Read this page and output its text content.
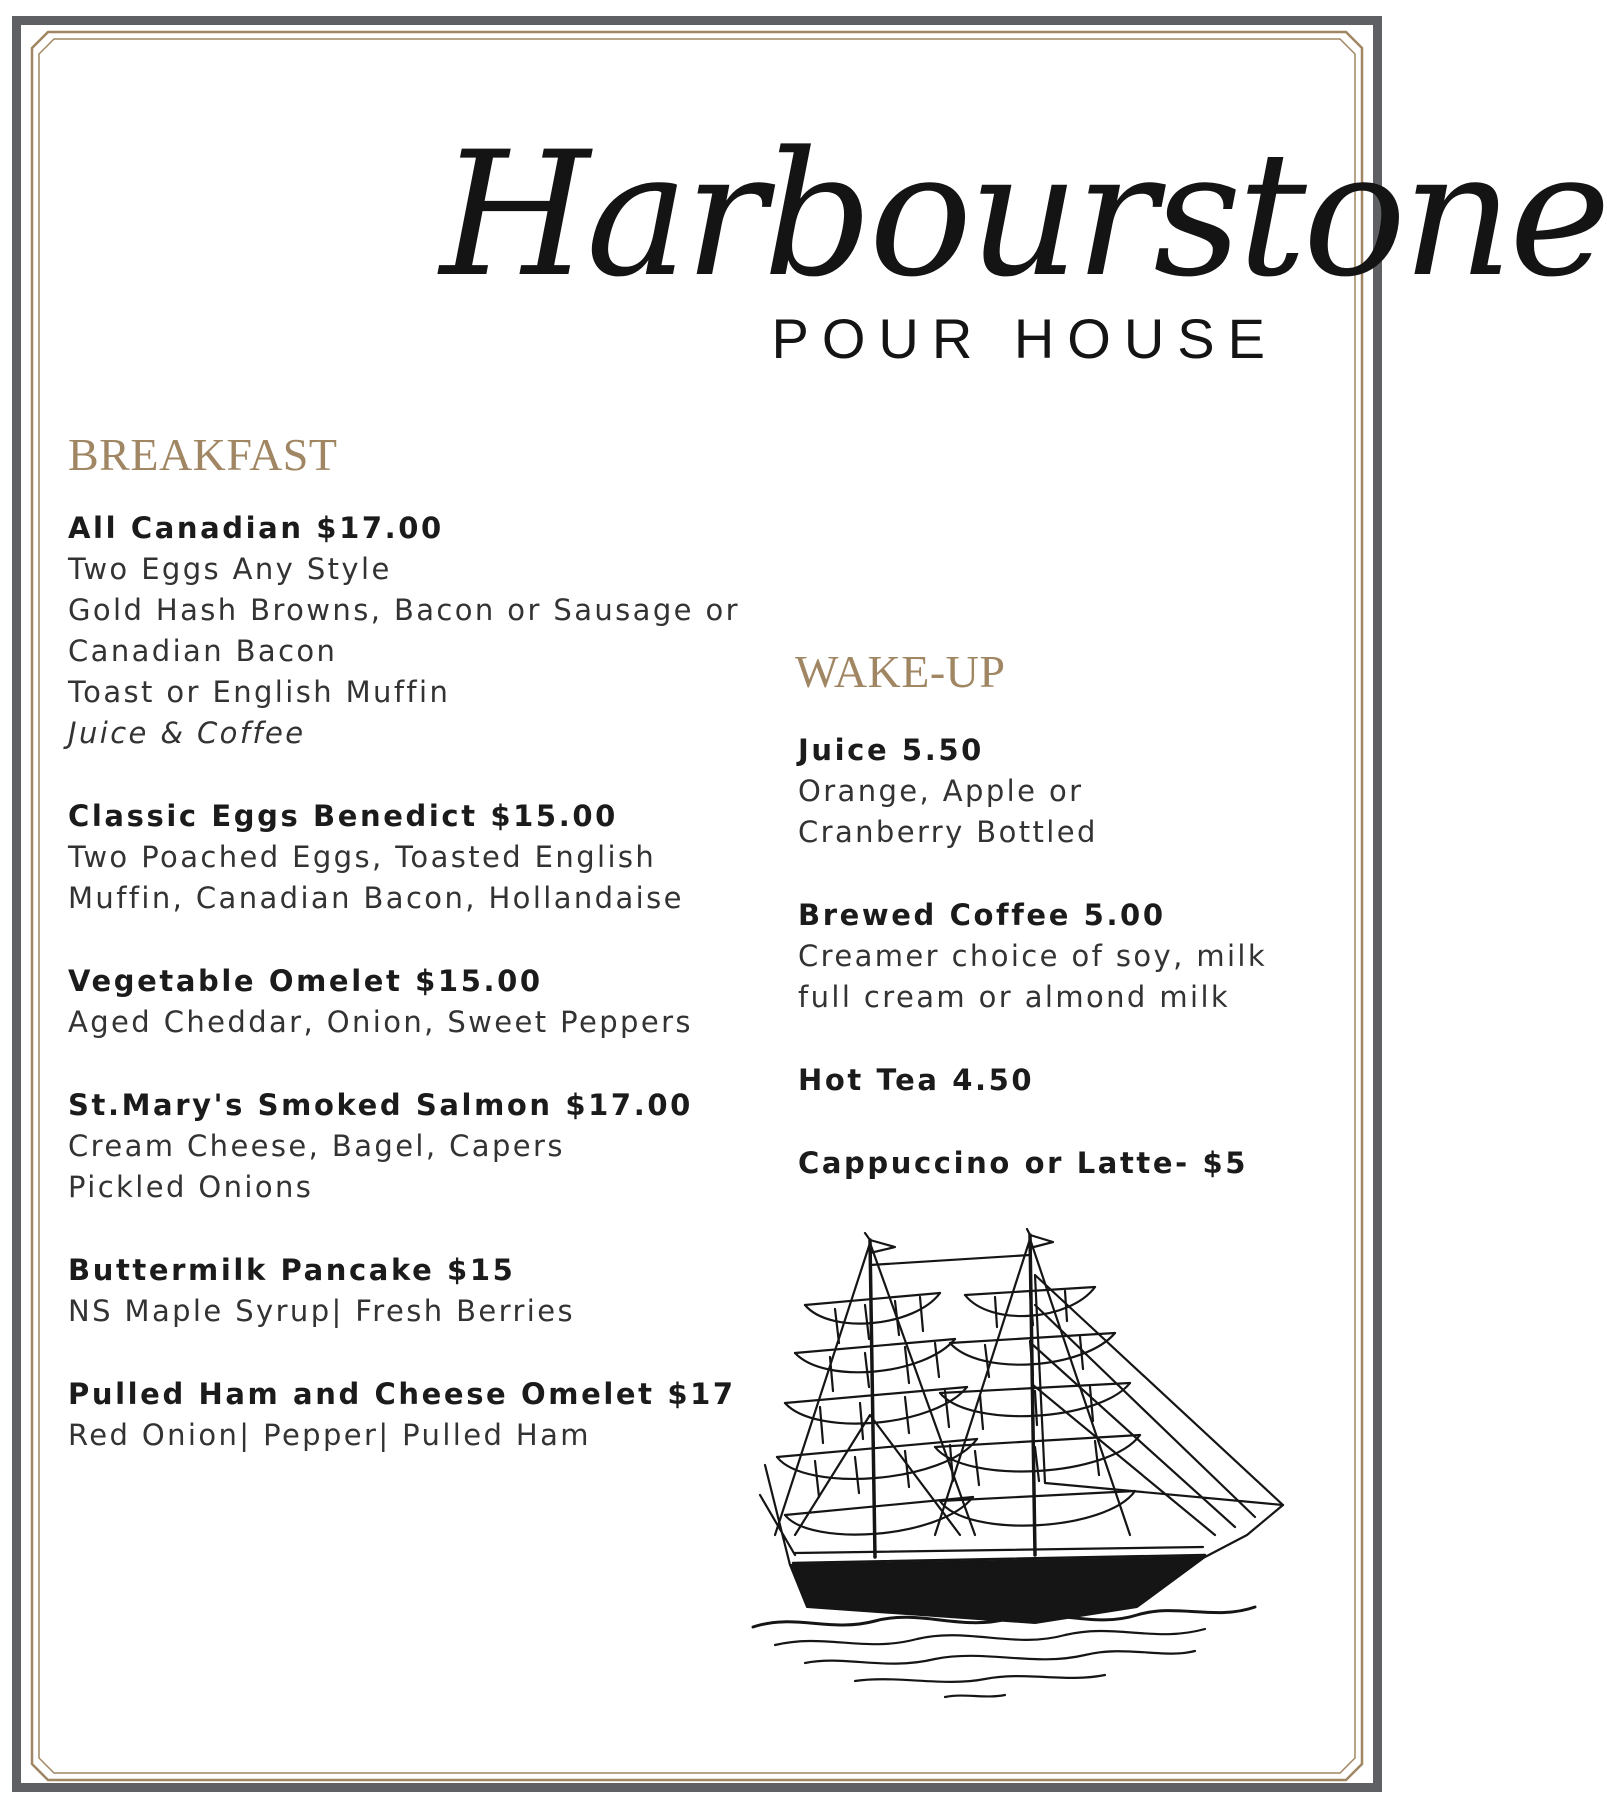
Harbourstone
POUR HOUSE
BREAKFAST
All Canadian $17.00
Two Eggs Any Style
Gold Hash Browns, Bacon or Sausage or
Canadian Bacon
Toast or English Muffin
Juice & Coffee
Classic Eggs Benedict $15.00
Two Poached Eggs, Toasted English
Muffin, Canadian Bacon, Hollandaise
Vegetable Omelet $15.00
Aged Cheddar, Onion, Sweet Peppers
St.Mary's Smoked Salmon $17.00
Cream Cheese, Bagel, Capers
Pickled Onions
Buttermilk Pancake $15
NS Maple Syrup| Fresh Berries
Pulled Ham and Cheese Omelet $17
Red Onion| Pepper| Pulled Ham
WAKE-UP
Juice 5.50
Orange, Apple or
Cranberry Bottled
Brewed Coffee 5.00
Creamer choice of soy, milk
full cream or almond milk
Hot Tea 4.50
Cappuccino or Latte- $5
